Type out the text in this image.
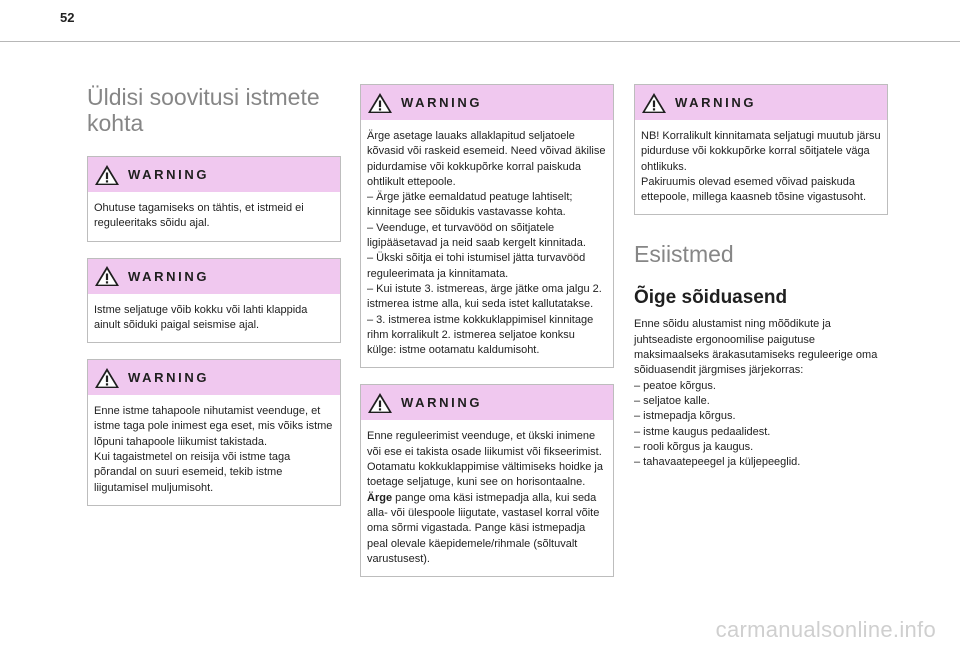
52
Üldisi soovitusi istmete kohta
WARNING

Ohutuse tagamiseks on tähtis, et istmeid ei reguleeritaks sõidu ajal.

WARNING

Istme seljatuge võib kokku või lahti klappida ainult sõiduki paigal seismise ajal.

WARNING

Enne istme tahapoole nihutamist veenduge, et istme taga pole inimest ega eset, mis võiks istme lõpuni tahapoole liikumist takistada.

Kui tagaistmetel on reisija või istme taga põrandal on suuri esemeid, tekib istme liigutamisel muljumisoht.

WARNING

Ärge asetage lauaks allaklapitud seljatoele kõvasid või raskeid esemeid. Need võivad äkilise pidurdamise või kokkupõrke korral paiskuda ohtlikult ettepoole.

– Ärge jätke eemaldatud peatuge lahtiselt; kinnitage see sõidukis vastavasse kohta.

– Veenduge, et turvavööd on sõitjatele ligipääsetavad ja neid saab kergelt kinnitada.

– Ükski sõitja ei tohi istumisel jätta turvavööd reguleerimata ja kinnitamata.

– Kui istute 3. istmereas, ärge jätke oma jalgu 2. istmerea istme alla, kui seda istet kallutatakse.

– 3. istmerea istme kokkuklappimisel kinnitage rihm korralikult 2. istmerea seljatoe konksu külge: istme ootamatu kaldumisoht.

WARNING

Enne reguleerimist veenduge, et ükski inimene või ese ei takista osade liikumist või fikseerimist.

Ootamatu kokkuklappimise vältimiseks hoidke ja toetage seljatuge, kuni see on horisontaalne.

Ärge pange oma käsi istmepadja alla, kui seda alla- või ülespoole liigutate, vastasel korral võite oma sõrmi vigastada. Pange käsi istmepadja peal olevale käepidemele/rihmale (sõltuvalt varustusest).

WARNING

NB! Korralikult kinnitamata seljatugi muutub järsu pidurduse või kokkupõrke korral sõitjatele väga ohtlikuks.

Pakiruumis olevad esemed võivad paiskuda ettepoole, millega kaasneb tõsine vigastusoht.

Esiistmed
Õige sõiduasend

Enne sõidu alustamist ning mõõdikute ja juhtseadiste ergonoomilise paigutuse maksimaalseks ärakasutamiseks reguleerige oma sõiduasendit järgmises järjekorras:

– peatoe kõrgus.

– seljatoe kalle.

– istmepadja kõrgus.

– istme kaugus pedaalidest.

– rooli kõrgus ja kaugus.

– tahavaatepeegel ja küljepeeglid.

carmanualsonline.info
